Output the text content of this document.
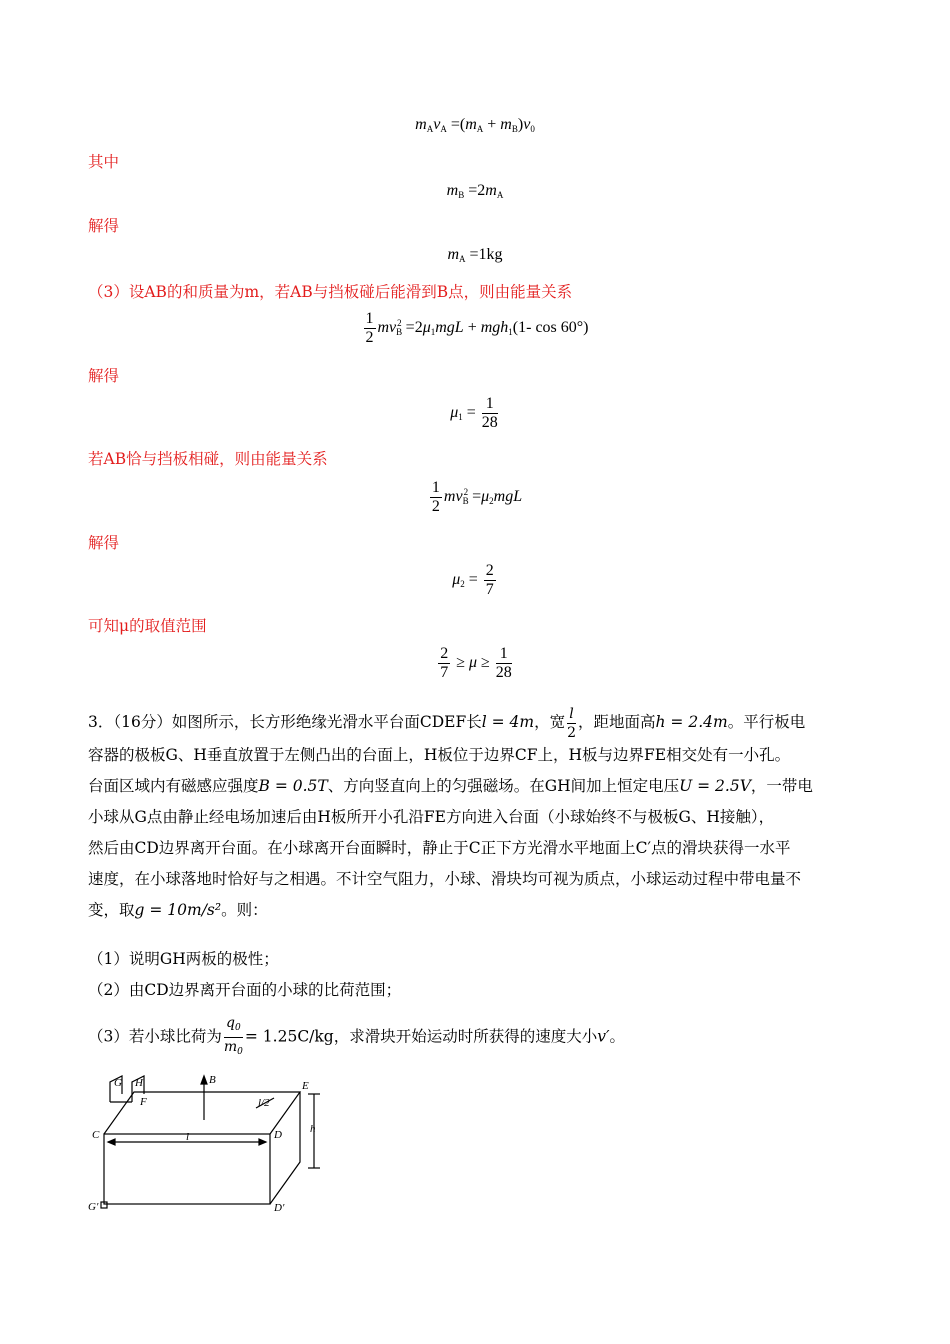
$m_Av_A =(m_A + m_B)v_0$
其中
$m_B =2m_A$
解得
$m_A =1kg$
（3）设AB的和质量为m，若AB与挡板碰后能滑到B点，则由能量关系
$\frac{1}{2} mv_B^2 =2\mu_1mgL + mgh_1(1-$ cos 60°)
解得
$\mu_1 = \frac{1}{28}$
若AB恰与挡板相碰，则由能量关系
$\frac{1}{2} mv_B^2 =\mu_2mgL$
解得
$\mu_2 = \frac{2}{7}$
可知μ的取值范围
$\frac{2}{7} \ge \mu \ge \frac{1}{28}$
3．（16分）如图所示，长方形绝缘光滑水平台面CDEF长l = 4m，宽 $\frac{l}{2}$ ，距地面高h = 2.4m。平行板电
容器的极板G、H垂直放置于左侧凸出的台面上，H板位于边界CF上，H板与边界FE相交处有一小孔。
台面区域内有磁感应强度B = 0.5T、方向竖直向上的匀强磁场。在GH间加上恒定电压U = 2.5V，一带电
小球从G点由静止经电场加速后由H板所开小孔沿FE方向进入台面（小球始终不与极板G、H接触），
然后由CD边界离开台面。在小球离开台面瞬时，静止于C正下方光滑水平地面上C′点的滑块获得一水平
速度，在小球落地时恰好与之相遇。不计空气阻力，小球、滑块均可视为质点，小球运动过程中带电量不
变，取g = 10m/s²。则：
（1）说明GH两板的极性；
（2）由CD边界离开台面的小球的比荷范围；
（3）若小球比荷为 $\frac{q_0}{m_0} = 1.25C/kg$，求滑块开始运动时所获得的速度大小v′。
G H
F
B	E
C	D
l
l/2
h
G′	D′
